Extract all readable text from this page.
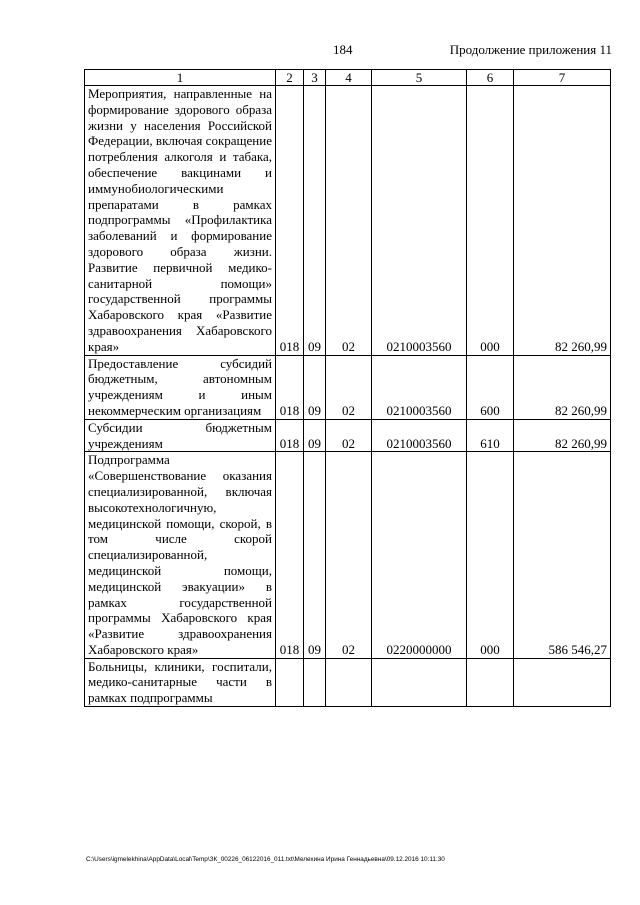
184	Продолжение приложения 11
1	2	3	4	5	6	7
Мероприятия, направленные на формирование здорового образа жизни у населения Российской Федерации, включая сокращение потребления алкоголя и табака, обеспечение вакцинами и иммунобиологическими препаратами в рамках подпрограммы «Профилактика заболеваний и формирование здорового образа жизни. Развитие первичной медико-санитарной помощи» государственной программы Хабаровского края «Развитие здравоохранения Хабаровского края»	018	09	02	0210003560	000	82 260,99
Предоставление субсидий бюджетным, автономным учреждениям и иным некоммерческим организациям	018	09	02	0210003560	600	82 260,99
Субсидии бюджетным учреждениям	018	09	02	0210003560	610	82 260,99
Подпрограмма «Совершенствование оказания специализированной, включая высокотехнологичную, медицинской помощи, скорой, в том числе скорой специализированной, медицинской помощи, медицинской эвакуации» в рамках государственной программы Хабаровского края «Развитие здравоохранения Хабаровского края»	018	09	02	0220000000	000	586 546,27
Больницы, клиники, госпитали, медико-санитарные части в рамках подпрограммы						
C:\Users\igmelekhina\AppData\Local\Temp\ЗК_00226_06122016_011.txt\Мелехина Ирина Геннадьевна\09.12.2016 10:11:30
